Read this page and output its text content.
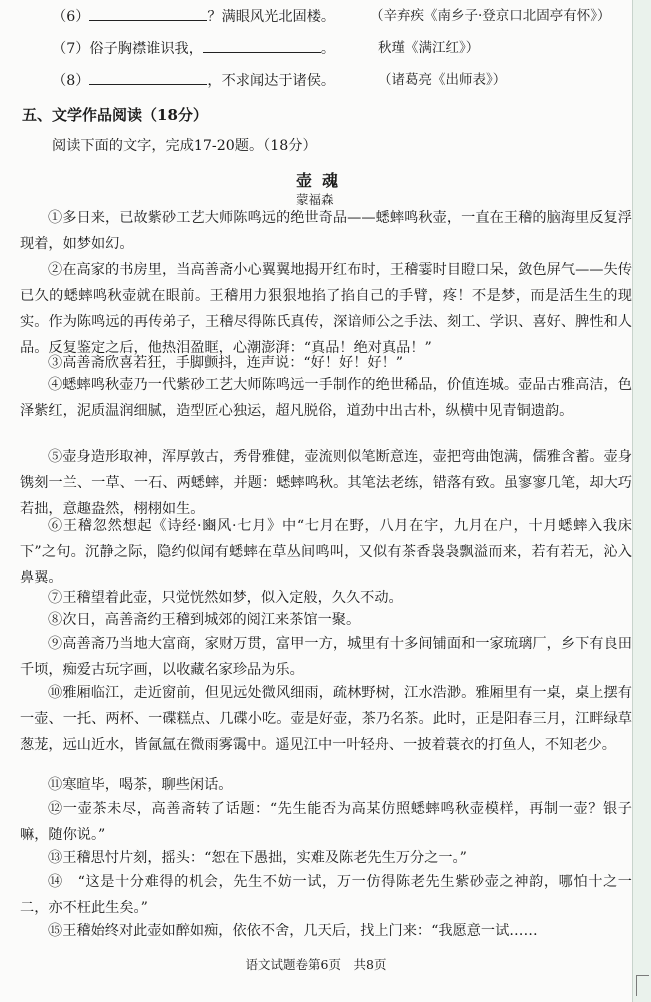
（6）	？满眼风光北固楼。	（辛弃疾《南乡子·登京口北固亭有怀》）
（7）俗子胸襟谁识我，	。	秋瑾《满江红》）
（8）	，不求闻达于诸侯。	（诸葛亮《出师表》）
五、文学作品阅读（18分）
阅读下面的文字，完成17-20题。（18分）
壶魂
蒙福森
①多日来，已故紫砂工艺大师陈鸣远的绝世奇品——蟋蟀鸣秋壶，一直在王稽的脑海里反复浮现着，如梦如幻。
②在高家的书房里，当高善斋小心翼翼地揭开红布时，王稽霎时目瞪口呆，敛色屏气——失传已久的蟋蟀鸣秋壶就在眼前。王稽用力狠狠地掐了掐自己的手臂，疼！不是梦，而是活生生的现实。作为陈鸣远的再传弟子，王稽尽得陈氏真传，深谙师公之手法、刻工、学识、喜好、脾性和人品。反复鉴定之后，他热泪盈眶，心潮澎湃：“真品！绝对真品！”
③高善斋欣喜若狂，手脚颤抖，连声说：“好！好！好！”
④蟋蟀鸣秋壶乃一代紫砂工艺大师陈鸣远一手制作的绝世稀品，价值连城。壶品古雅高洁，色泽紫红，泥质温润细腻，造型匠心独运，超凡脱俗，道劲中出古朴，纵横中见青铜遗韵。
⑤壶身造形取神，浑厚敦古，秀骨雅健，壶流则似笔断意连，壶把弯曲饱满，儒雅含蓄。壶身镌刻一兰、一草、一石、两蟋蟀，并题：蟋蟀鸣秋。其笔法老练，错落有致。虽寥寥几笔，却大巧若拙，意趣盎然，栩栩如生。
⑥王稽忽然想起《诗经·豳风·七月》中“七月在野，八月在宇，九月在户，十月蟋蟀入我床下”之句。沉静之际，隐约似闻有蟋蟀在草丛间鸣叫，又似有茶香袅袅飘溢而来，若有若无，沁入鼻翼。
⑦王稽望着此壶，只觉恍然如梦，似入定般，久久不动。
⑧次日，高善斋约王稽到城郊的阅江来茶馆一聚。
⑨高善斋乃当地大富商，家财万贯，富甲一方，城里有十多间铺面和一家琉璃厂，乡下有良田千顷，痴爱古玩字画，以收藏名家珍品为乐。
⑩雅厢临江，走近窗前，但见远处微风细雨，疏林野树，江水浩渺。雅厢里有一桌，桌上摆有一壶、一托、两杯、一碟糕点、几碟小吃。壶是好壶，茶乃名茶。此时，正是阳春三月，江畔绿草葱茏，远山近水，皆氤氲在微雨雾霭中。遥见江中一叶轻舟、一披着蓑衣的打鱼人，不知老少。
⑪寒暄毕，喝茶，聊些闲话。
⑫一壶茶未尽，高善斋转了话题：“先生能否为高某仿照蟋蟀鸣秋壶模样，再制一壶？银子嘛，随你说。”
⑬王稽思忖片刻，摇头：“恕在下愚拙，实难及陈老先生万分之一。”
⑭　“这是十分难得的机会，先生不妨一试，万一仿得陈老先生紫砂壶之神韵，哪怕十之一二，亦不枉此生矣。”
⑮王稽始终对此壶如醉如痴，依依不舍，几天后，找上门来：“我愿意一试……
语文试题卷第6页　共8页
